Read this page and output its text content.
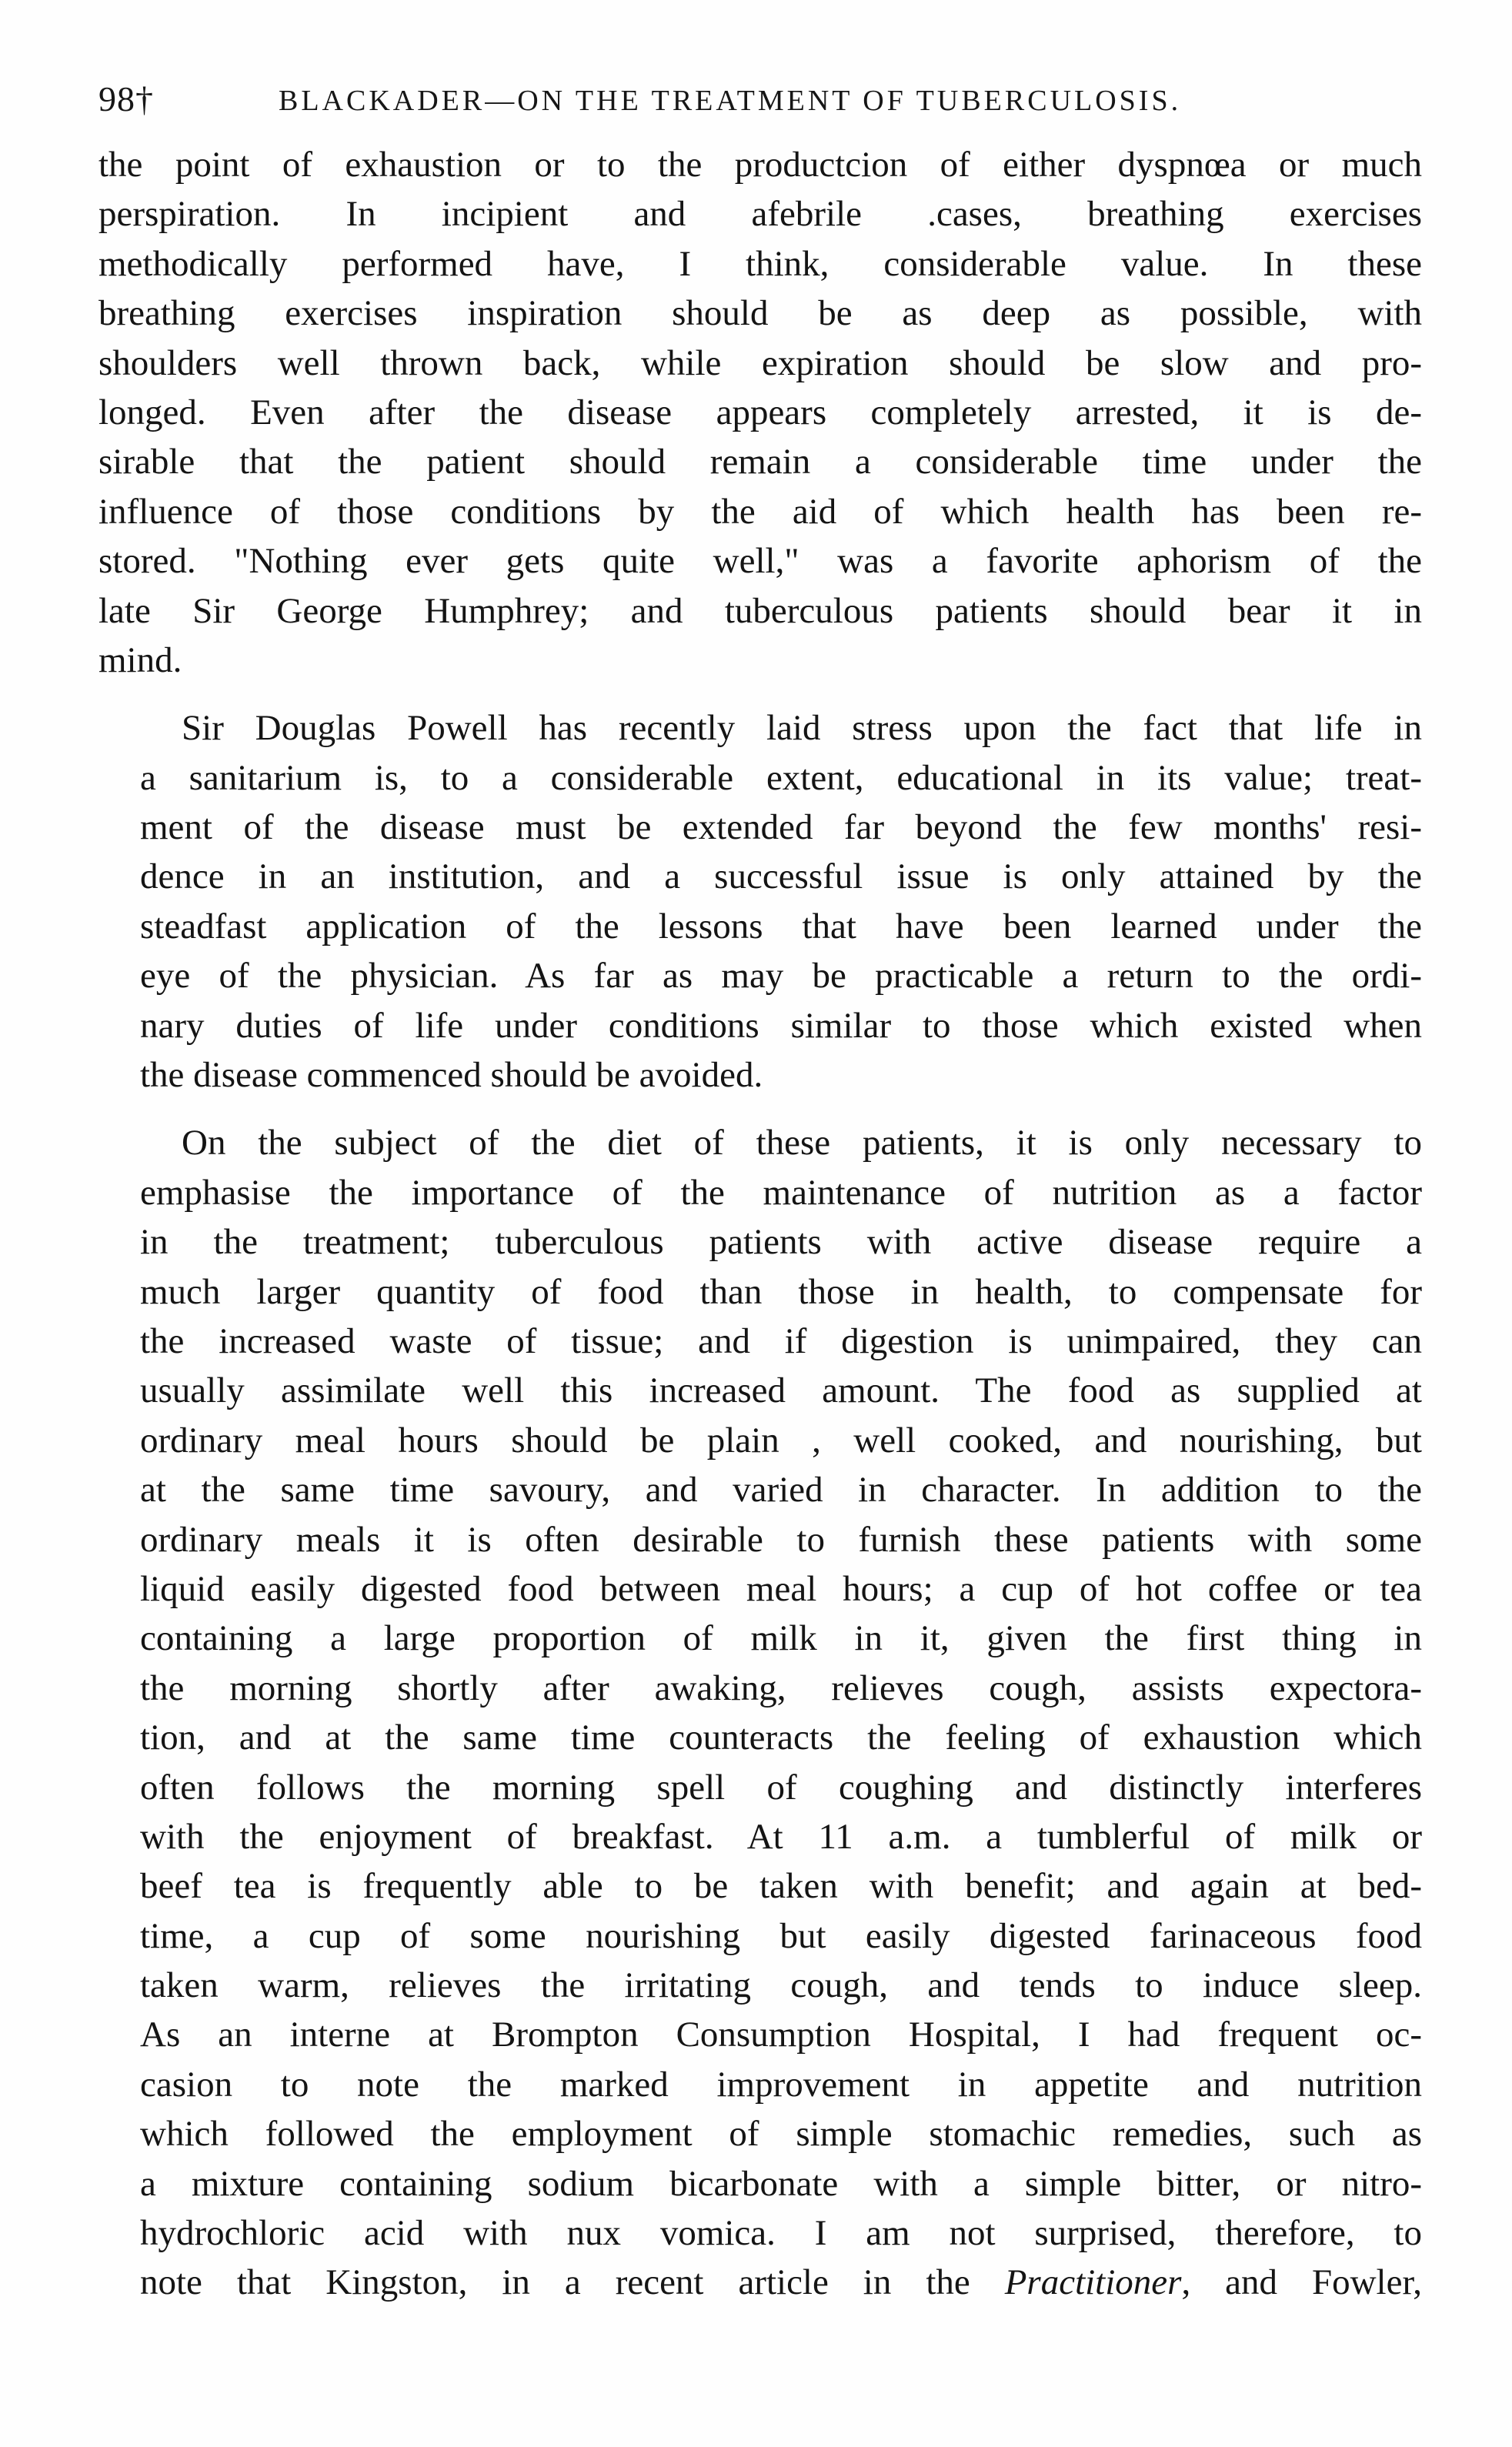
98†	BLACKADER—ON THE TREATMENT OF TUBERCULOSIS.
the point of exhaustion or to the productcion of either dyspnœa or much
perspiration. In incipient and afebrile .cases, breathing exercises
methodically performed have, I think, considerable value. In these
breathing exercises inspiration should be as deep as possible, with
shoulders well thrown back, while expiration should be slow and pro-
longed. Even after the disease appears completely arrested, it is de-
sirable that the patient should remain a considerable time under the
influence of those conditions by the aid of which health has been re-
stored. "Nothing ever gets quite well," was a favorite aphorism of the
late Sir George Humphrey; and tuberculous patients should bear it in
mind.
Sir Douglas Powell has recently laid stress upon the fact that life in
a sanitarium is, to a considerable extent, educational in its value; treat-
ment of the disease must be extended far beyond the few months' resi-
dence in an institution, and a successful issue is only attained by the
steadfast application of the lessons that have been learned under the
eye of the physician. As far as may be practicable a return to the ordi-
nary duties of life under conditions similar to those which existed when
the disease commenced should be avoided.
On the subject of the diet of these patients, it is only necessary to
emphasise the importance of the maintenance of nutrition as a factor
in the treatment; tuberculous patients with active disease require a
much larger quantity of food than those in health, to compensate for
the increased waste of tissue; and if digestion is unimpaired, they can
usually assimilate well this increased amount. The food as supplied at
ordinary meal hours should be plain , well cooked, and nourishing, but
at the same time savoury, and varied in character. In addition to the
ordinary meals it is often desirable to furnish these patients with some
liquid easily digested food between meal hours; a cup of hot coffee or tea
containing a large proportion of milk in it, given the first thing in
the morning shortly after awaking, relieves cough, assists expectora-
tion, and at the same time counteracts the feeling of exhaustion which
often follows the morning spell of coughing and distinctly interferes
with the enjoyment of breakfast. At 11 a.m. a tumblerful of milk or
beef tea is frequently able to be taken with benefit; and again at bed-
time, a cup of some nourishing but easily digested farinaceous food
taken warm, relieves the irritating cough, and tends to induce sleep.
As an interne at Brompton Consumption Hospital, I had frequent oc-
casion to note the marked improvement in appetite and nutrition
which followed the employment of simple stomachic remedies, such as
a mixture containing sodium bicarbonate with a simple bitter, or nitro-
hydrochloric acid with nux vomica. I am not surprised, therefore, to
note that Kingston, in a recent article in the Practitioner, and Fowler,
